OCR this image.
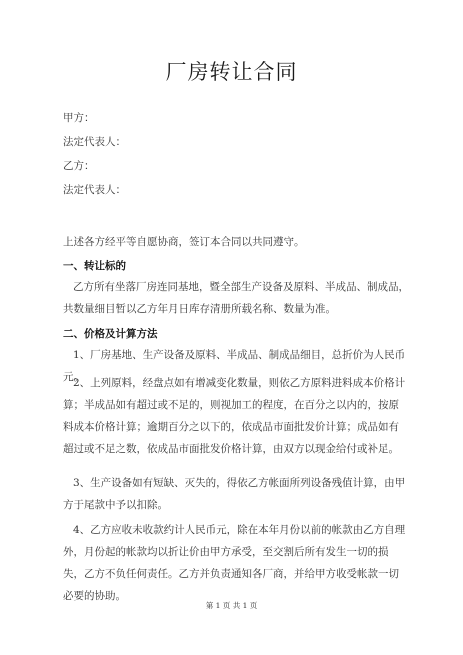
厂房转让合同
甲方：
法定代表人：
乙方：
法定代表人：
上述各方经平等自愿协商，签订本合同以共同遵守。
一、转让标的
乙方所有坐落厂房连同基地，暨全部生产设备及原料、半成品、制成品，共数量细目暂以乙方年月日库存清册所载名称、数量为准。
二、价格及计算方法
1、厂房基地、生产设备及原料、半成品、制成品细目，总折价为人民币元。
2、上列原料，经盘点如有增减变化数量，则依乙方原料进料成本价格计算；半成品如有超过或不足的，则视加工的程度，在百分之以内的，按原料成本价格计算；逾期百分之以下的，依成品市面批发价计算；成品如有超过或不足之数，依成品市面批发价格计算，由双方以现金给付或补足。
3、生产设备如有短缺、灭失的，得依乙方帐面所列设备残值计算，由甲方于尾款中予以扣除。
4、乙方应收未收款约计人民币元，除在本年月份以前的帐款由乙方自理外，月份起的帐款均以折让价由甲方承受，至交割后所有发生一切的损失，乙方不负任何责任。乙方并负责通知各厂商，并给甲方收受帐款一切必要的协助。
第 1 页 共 1 页
